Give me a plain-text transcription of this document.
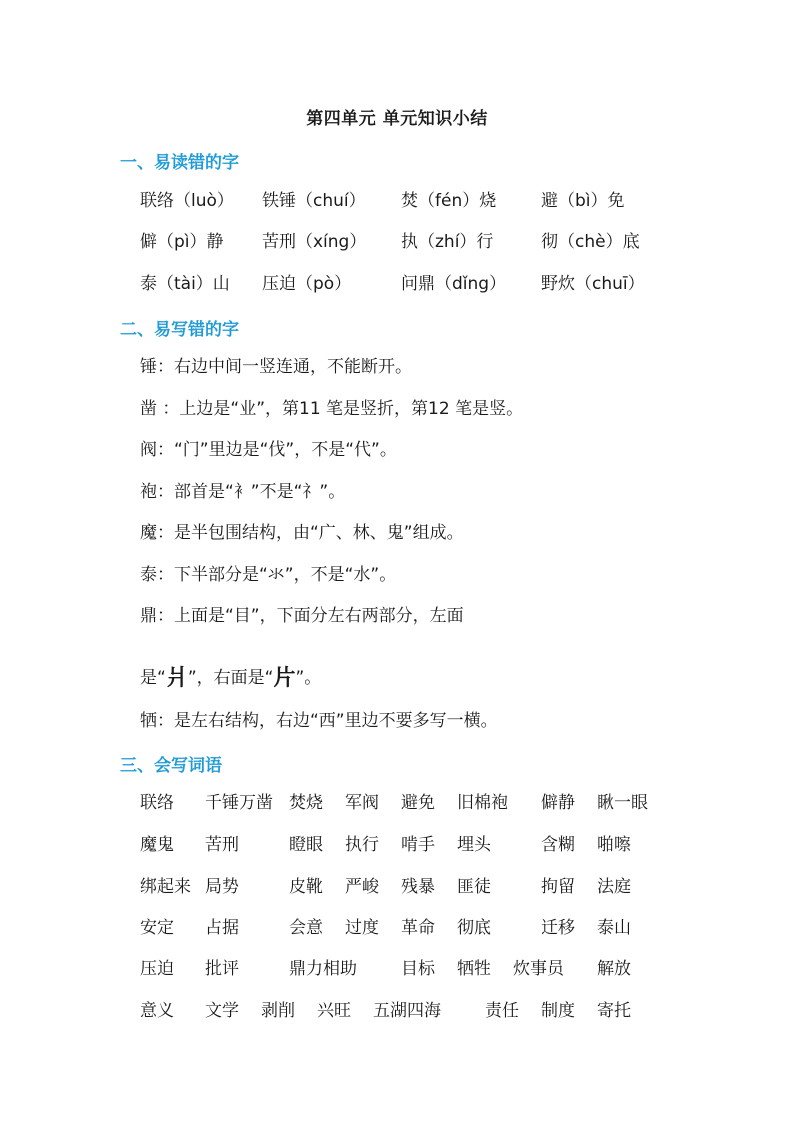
第四单元 单元知识小结
一、易读错的字
联络（luò） 铁锤（chuí） 焚（fén）烧	避（bì）免
僻（pì）静 苦刑（xíng） 执（zhí）行	彻（chè）底
泰（tài）山 压迫（pò）	问鼎（dǐng） 野炊（chuī）
二、易写错的字
锤：右边中间一竖连通，不能断开。
凿 ：上边是“业”，第11 笔是竖折，第12 笔是竖。
阀：“门”里边是“伐”，不是“代”。
袍：部首是“衤”不是“礻”。
魔：是半包围结构，由“广、林、鬼”组成。
泰：下半部分是“氺”，不是“水”。
鼎：上面是“目”，下面分左右两部分，左面
是“爿”，右面是“片”。
牺：是左右结构，右边“西”里边不要多写一横。
三、会写词语
联络 千锤万凿 焚烧 军阀 避免 旧棉袍 僻静 瞅一眼
魔鬼 苦刑	瞪眼 执行 啃手 埋头	含糊 啪嚓
绑起来 局势	皮靴 严峻 残暴 匪徒	拘留 法庭
安定 占据	会意 过度 革命 彻底	迁移 泰山
压迫 批评	鼎力相助	目标 牺牲 炊事员 解放
意义 文学 剥削 兴旺 五湖四海	责任 制度 寄托
